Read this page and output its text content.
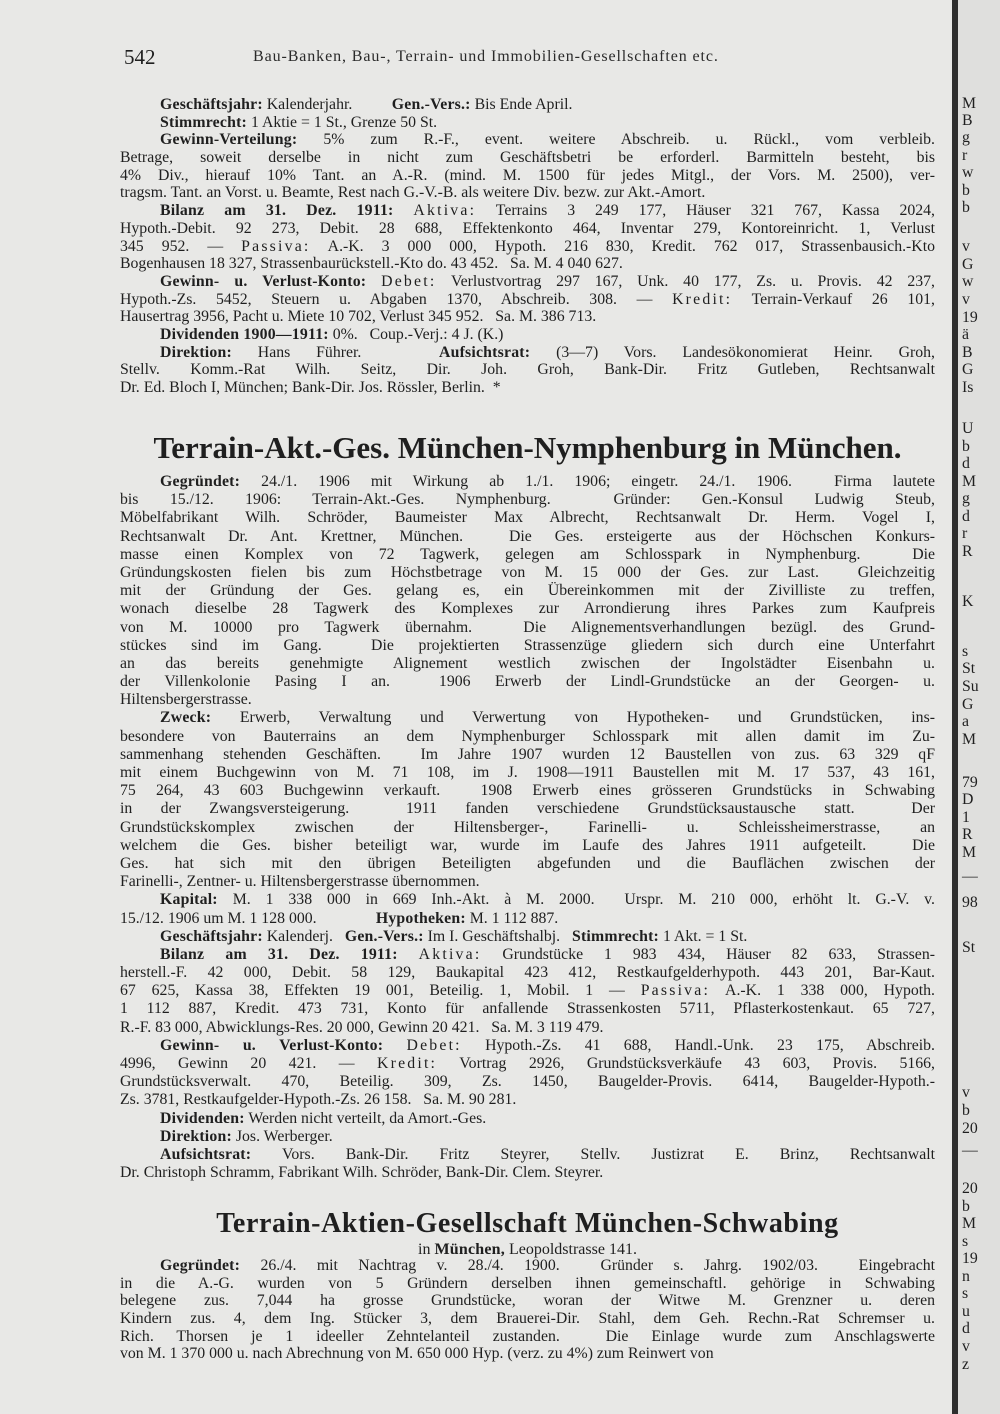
542	Bau-Banken, Bau-, Terrain- und Immobilien-Gesellschaften etc.
Geschäftsjahr: Kalenderjahr.          Gen.-Vers.: Bis Ende April.
Stimmrecht: 1 Aktie = 1 St., Grenze 50 St.
Gewinn-Verteilung: 5% zum R.-F., event. weitere Abschreib. u. Rückl., vom verbleib.
Betrage, soweit derselbe in nicht zum Geschäftsbetri be erforderl. Barmitteln besteht, bis
4% Div., hierauf 10% Tant. an A.-R. (mind. M. 1500 für jedes Mitgl., der Vors. M. 2500), ver-
tragsm. Tant. an Vorst. u. Beamte, Rest nach G.-V.-B. als weitere Div. bezw. zur Akt.-Amort.
Bilanz am 31. Dez. 1911: Aktiva: Terrains 3 249 177, Häuser 321 767, Kassa 2024,
Hypoth.-Debit. 92 273, Debit. 28 688, Effektenkonto 464, Inventar 279, Kontoreinricht. 1, Verlust
345 952. — Passiva: A.-K. 3 000 000, Hypoth. 216 830, Kredit. 762 017, Strassenbausich.-Kto
Bogenhausen 18 327, Strassenbaurückstell.-Kto do. 43 452.   Sa. M. 4 040 627.
Gewinn- u. Verlust-Konto: Debet: Verlustvortrag 297 167, Unk. 40 177, Zs. u. Provis. 42 237,
Hypoth.-Zs. 5452, Steuern u. Abgaben 1370, Abschreib. 308. — Kredit: Terrain-Verkauf 26 101,
Hausertrag 3956, Pacht u. Miete 10 702, Verlust 345 952.   Sa. M. 386 713.
Dividenden 1900—1911: 0%.   Coup.-Verj.: 4 J. (K.)
Direktion: Hans Führer.   Aufsichtsrat: (3—7) Vors. Landesökonomierat Heinr. Groh,
Stellv. Komm.-Rat Wilh. Seitz, Dir. Joh. Groh, Bank-Dir. Fritz Gutleben, Rechtsanwalt
Dr. Ed. Bloch I, München; Bank-Dir. Jos. Rössler, Berlin.  *
Terrain-Akt.-Ges. München-Nymphenburg in München.
Gegründet: 24./1. 1906 mit Wirkung ab 1./1. 1906; eingetr. 24./1. 1906.  Firma lautete
bis 15./12. 1906: Terrain-Akt.-Ges. Nymphenburg.  Gründer: Gen.-Konsul Ludwig Steub,
Möbelfabrikant Wilh. Schröder, Baumeister Max Albrecht, Rechtsanwalt Dr. Herm. Vogel I,
Rechtsanwalt Dr. Ant. Krettner, München.  Die Ges. ersteigerte aus der Höchschen Konkurs-
masse einen Komplex von 72 Tagwerk, gelegen am Schlosspark in Nymphenburg.  Die
Gründungskosten fielen bis zum Höchstbetrage von M. 15 000 der Ges. zur Last.  Gleichzeitig
mit der Gründung der Ges. gelang es, ein Übereinkommen mit der Zivilliste zu treffen,
wonach dieselbe 28 Tagwerk des Komplexes zur Arrondierung ihres Parkes zum Kaufpreis
von M. 10000 pro Tagwerk übernahm.  Die Alignementsverhandlungen bezügl. des Grund-
stückes sind im Gang.  Die projektierten Strassenzüge gliedern sich durch eine Unterfahrt
an das bereits genehmigte Alignement westlich zwischen der Ingolstädter Eisenbahn u.
der Villenkolonie Pasing I an.  1906 Erwerb der Lindl-Grundstücke an der Georgen- u.
Hiltensbergerstrasse.
Zweck: Erwerb, Verwaltung und Verwertung von Hypotheken- und Grundstücken, ins-
besondere von Bauterrains an dem Nymphenburger Schlosspark mit allen damit im Zu-
sammenhang stehenden Geschäften.  Im Jahre 1907 wurden 12 Baustellen von zus. 63 329 qF
mit einem Buchgewinn von M. 71 108, im J. 1908—1911 Baustellen mit M. 17 537, 43 161,
75 264, 43 603 Buchgewinn verkauft.  1908 Erwerb eines grösseren Grundstücks in Schwabing
in der Zwangsversteigerung.  1911 fanden verschiedene Grundstücksaustausche statt.  Der
Grundstückskomplex zwischen der Hiltensberger-, Farinelli- u. Schleissheimerstrasse, an
welchem die Ges. bisher beteiligt war, wurde im Laufe des Jahres 1911 aufgeteilt.  Die
Ges. hat sich mit den übrigen Beteiligten abgefunden und die Bauflächen zwischen der
Farinelli-, Zentner- u. Hiltensbergerstrasse übernommen.
Kapital: M. 1 338 000 in 669 Inh.-Akt. à M. 2000.  Urspr. M. 210 000, erhöht lt. G.-V. v.
15./12. 1906 um M. 1 128 000.               Hypotheken: M. 1 112 887.
Geschäftsjahr: Kalenderj.   Gen.-Vers.: Im I. Geschäftshalbj.   Stimmrecht: 1 Akt. = 1 St.
Bilanz am 31. Dez. 1911: Aktiva: Grundstücke 1 983 434, Häuser 82 633, Strassen-
herstell.-F. 42 000, Debit. 58 129, Baukapital 423 412, Restkaufgelderhypoth. 443 201, Bar-Kaut.
67 625, Kassa 38, Effekten 19 001, Beteilig. 1, Mobil. 1 — Passiva: A.-K. 1 338 000, Hypoth.
1 112 887, Kredit. 473 731, Konto für anfallende Strassenkosten 5711, Pflasterkostenkaut. 65 727,
R.-F. 83 000, Abwicklungs-Res. 20 000, Gewinn 20 421.   Sa. M. 3 119 479.
Gewinn- u. Verlust-Konto: Debet: Hypoth.-Zs. 41 688, Handl.-Unk. 23 175, Abschreib.
4996, Gewinn 20 421. — Kredit: Vortrag 2926, Grundstücksverkäufe 43 603, Provis. 5166,
Grundstücksverwalt. 470, Beteilig. 309, Zs. 1450, Baugelder-Provis. 6414, Baugelder-Hypoth.-
Zs. 3781, Restkaufgelder-Hypoth.-Zs. 26 158.   Sa. M. 90 281.
Dividenden: Werden nicht verteilt, da Amort.-Ges.
Direktion: Jos. Werberger.
Aufsichtsrat: Vors. Bank-Dir. Fritz Steyrer, Stellv. Justizrat E. Brinz, Rechtsanwalt
Dr. Christoph Schramm, Fabrikant Wilh. Schröder, Bank-Dir. Clem. Steyrer.
Terrain-Aktien-Gesellschaft München-Schwabing
in München, Leopoldstrasse 141.
Gegründet: 26./4. mit Nachtrag v. 28./4. 1900.  Gründer s. Jahrg. 1902/03.  Eingebracht
in die A.-G. wurden von 5 Gründern derselben ihnen gemeinschaftl. gehörige in Schwabing
belegene zus. 7,044 ha grosse Grundstücke, woran der Witwe M. Grenzner u. deren
Kindern zus. 4, dem Ing. Stücker 3, dem Brauerei-Dir. Stahl, dem Geh. Rechn.-Rat Schremser u.
Rich. Thorsen je 1 ideeller Zehntelanteil zustanden.  Die Einlage wurde zum Anschlagswerte
von M. 1 370 000 u. nach Abrechnung von M. 650 000 Hyp. (verz. zu 4%) zum Reinwert von
M
B
g
r
w
b
b
v
G
w
v
19
ä
B
G
Is
U
b
d
M
g
d
r
R
K
s
St
Su
G
a
M
79
D
1
R
M
—
98
St
v
b
20
—
20
b
M
s
19
n
s
u
d
v
z
